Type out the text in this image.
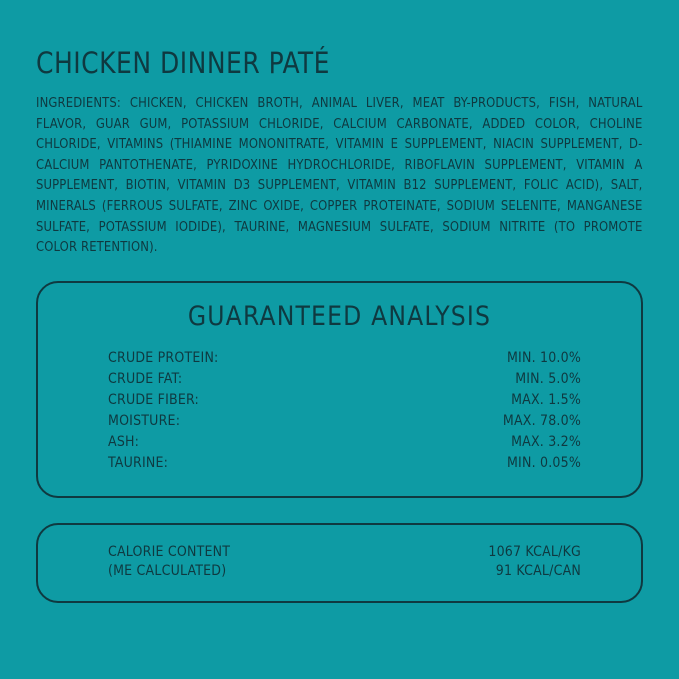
CHICKEN DINNER PATÉ

INGREDIENTS: CHICKEN, CHICKEN BROTH, ANIMAL LIVER, MEAT BY-PRODUCTS, FISH, NATURAL FLAVOR, GUAR GUM, POTASSIUM CHLORIDE, CALCIUM CARBONATE, ADDED COLOR, CHOLINE CHLORIDE, VITAMINS (THIAMINE MONONITRATE, VITAMIN E SUPPLEMENT, NIACIN SUPPLEMENT, D-CALCIUM PANTOTHENATE, PYRIDOXINE HYDROCHLORIDE, RIBOFLAVIN SUPPLEMENT, VITAMIN A SUPPLEMENT, BIOTIN, VITAMIN D3 SUPPLEMENT, VITAMIN B12 SUPPLEMENT, FOLIC ACID), SALT, MINERALS (FERROUS SULFATE, ZINC OXIDE, COPPER PROTEINATE, SODIUM SELENITE, MANGANESE SULFATE, POTASSIUM IODIDE), TAURINE, MAGNESIUM SULFATE, SODIUM NITRITE (TO PROMOTE COLOR RETENTION).

GUARANTEED ANALYSIS
CRUDE PROTEIN:	MIN. 10.0%
CRUDE FAT:	MIN. 5.0%
CRUDE FIBER:	MAX. 1.5%
MOISTURE:	MAX. 78.0%
ASH:	MAX. 3.2%
TAURINE:	MIN. 0.05%
CALORIE CONTENT	1067 KCAL/KG
(ME CALCULATED)	91 KCAL/CAN
